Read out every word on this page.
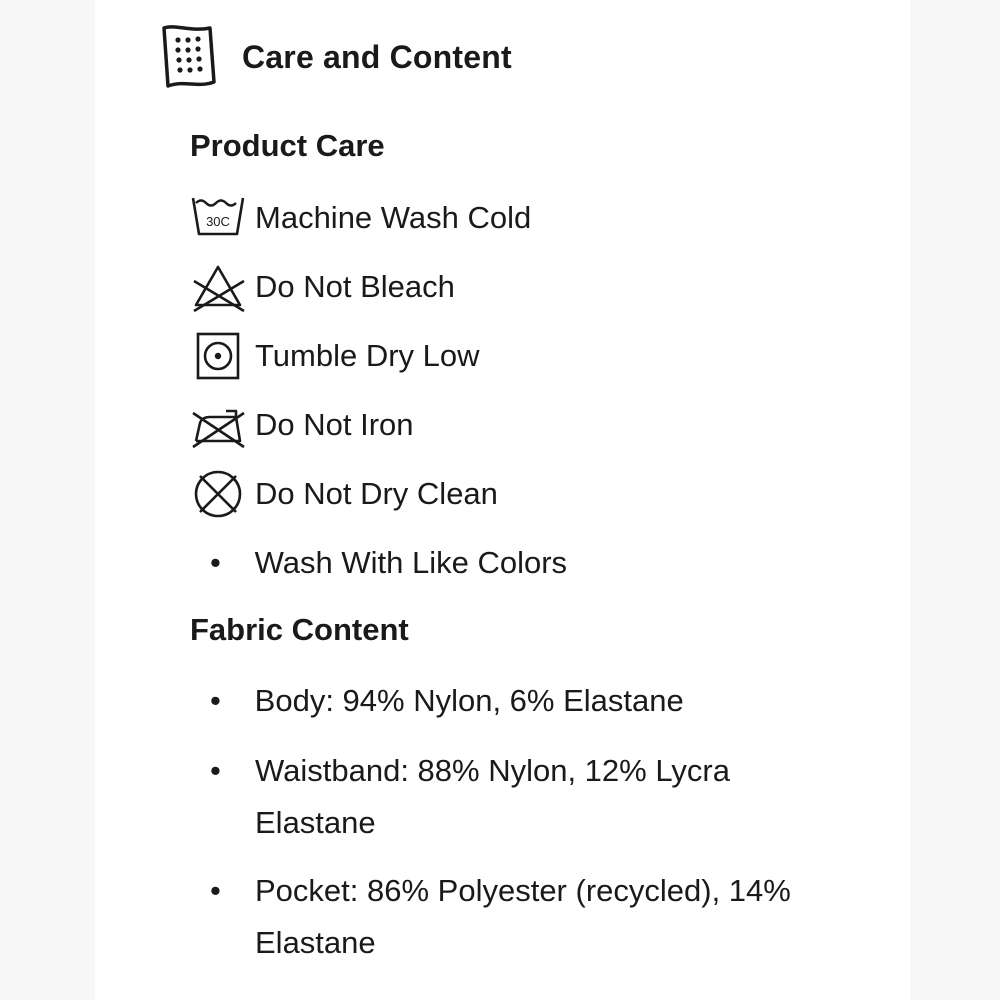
Care and Content
Product Care
30C Machine Wash Cold
Do Not Bleach
Tumble Dry Low
Do Not Iron
Do Not Dry Clean
•	Wash With Like Colors
Fabric Content
•	Body: 94% Nylon, 6% Elastane
•	Waistband: 88% Nylon, 12% Lycra Elastane
•	Pocket: 86% Polyester (recycled), 14% Elastane
